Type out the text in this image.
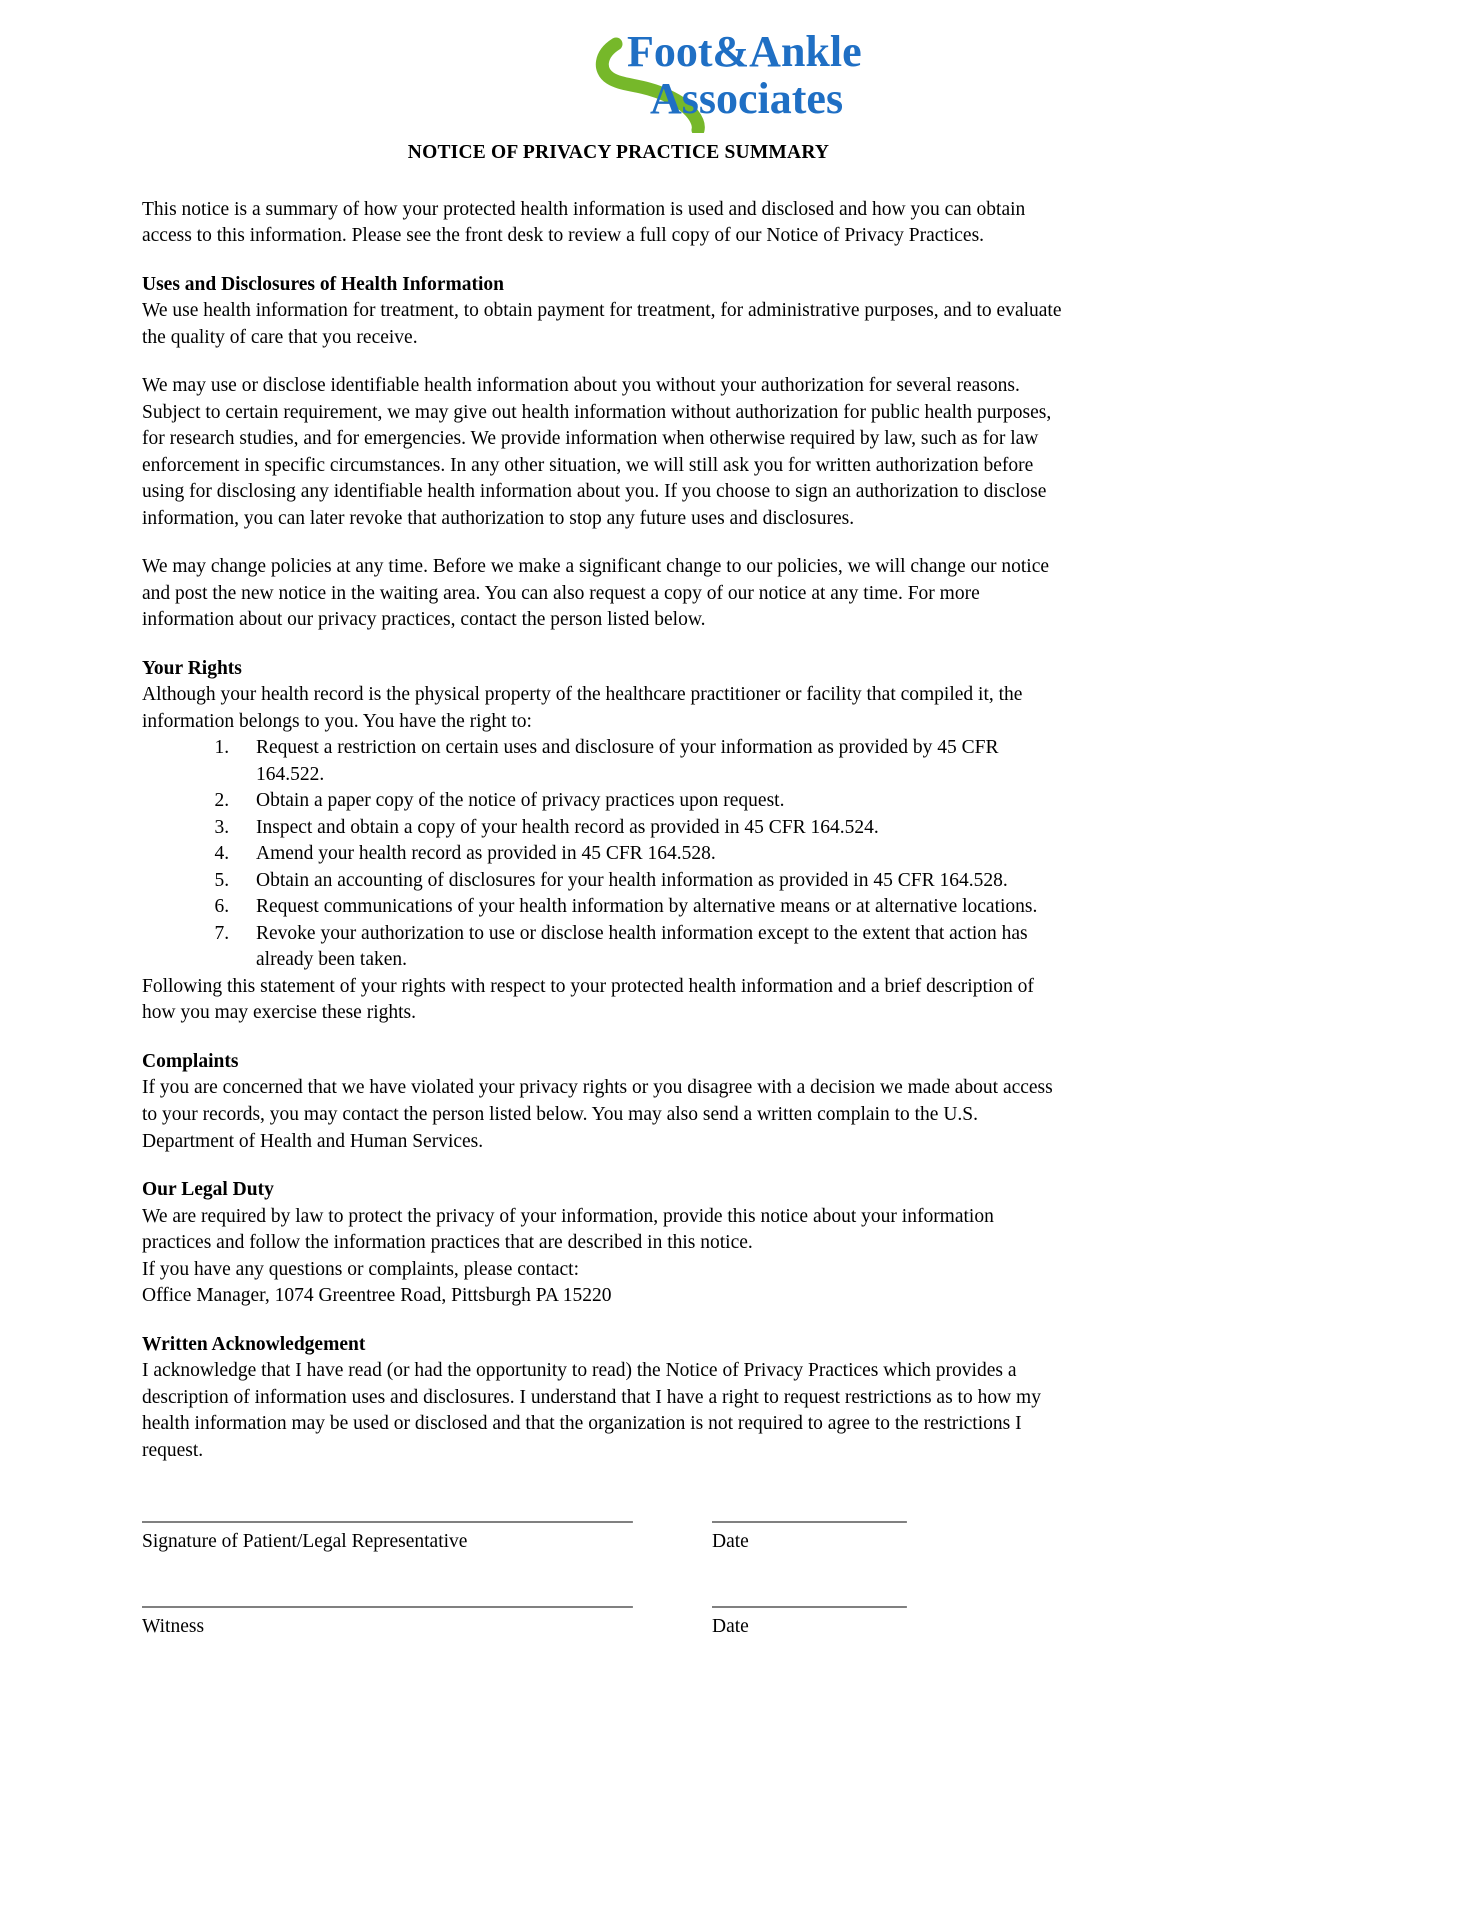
Foot&Ankle
Associates
NOTICE OF PRIVACY PRACTICE SUMMARY

This notice is a summary of how your protected health information is used and disclosed and how you can obtain access to this information. Please see the front desk to review a full copy of our Notice of Privacy Practices.

Uses and Disclosures of Health Information

We use health information for treatment, to obtain payment for treatment, for administrative purposes, and to evaluate the quality of care that you receive.

We may use or disclose identifiable health information about you without your authorization for several reasons. Subject to certain requirement, we may give out health information without authorization for public health purposes, for research studies, and for emergencies. We provide information when otherwise required by law, such as for law enforcement in specific circumstances. In any other situation, we will still ask you for written authorization before using for disclosing any identifiable health information about you. If you choose to sign an authorization to disclose information, you can later revoke that authorization to stop any future uses and disclosures.

We may change policies at any time. Before we make a significant change to our policies, we will change our notice and post the new notice in the waiting area. You can also request a copy of our notice at any time. For more information about our privacy practices, contact the person listed below.

Your Rights

Although your health record is the physical property of the healthcare practitioner or facility that compiled it, the information belongs to you. You have the right to:

1. Request a restriction on certain uses and disclosure of your information as provided by 45 CFR 164.522.
2. Obtain a paper copy of the notice of privacy practices upon request.
3. Inspect and obtain a copy of your health record as provided in 45 CFR 164.524.
4. Amend your health record as provided in 45 CFR 164.528.
5. Obtain an accounting of disclosures for your health information as provided in 45 CFR 164.528.
6. Request communications of your health information by alternative means or at alternative locations.
7. Revoke your authorization to use or disclose health information except to the extent that action has already been taken.

Following this statement of your rights with respect to your protected health information and a brief description of how you may exercise these rights.

Complaints

If you are concerned that we have violated your privacy rights or you disagree with a decision we made about access to your records, you may contact the person listed below. You may also send a written complain to the U.S. Department of Health and Human Services.

Our Legal Duty

We are required by law to protect the privacy of your information, provide this notice about your information practices and follow the information practices that are described in this notice.

If you have any questions or complaints, please contact:

Office Manager, 1074 Greentree Road, Pittsburgh PA 15220

Written Acknowledgement

I acknowledge that I have read (or had the opportunity to read) the Notice of Privacy Practices which provides a description of information uses and disclosures. I understand that I have a right to request restrictions as to how my health information may be used or disclosed and that the organization is not required to agree to the restrictions I request.

_____________________________________________________
Signature of Patient/Legal Representative
_____________________
Date
_____________________________________________________
Witness
_____________________
Date
